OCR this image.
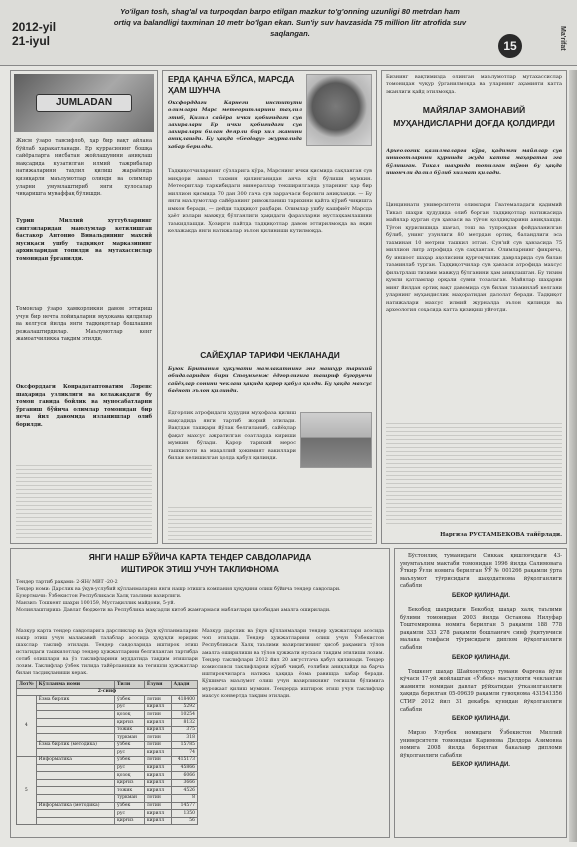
2012-yil
21-iyul
Yo'ilgan tosh, shag'al va turpoqdan barpo etilgan mazkur to'g'onning uzunligi 80 metrdan ham ortiq va balandligi taxminan 10 metr bo'lgan ekan. Sun'iy suv havzasida 75 million litr atrofida suv saqlangan.
15	Ma'rifat
JUMLADAN
Жисм ўзаро тавсифлоб, ҳар бир вақт айлана бўйлаб ҳаракатланади. Ер куррасининг бошқа сайёраларга нисбатан жойлашувини аниқлаш мақсадида кузатилган илмий тажрибалар натижаларини таҳлил қилиш жараёнида қизиқарли маълумотлар олинди ва олимлар уларни умумлаштириб янги хулосалар чиқаришга муваффақ бўлишди.
Турин Миллий хуттубларнинг синтзиларидан маюлумлар кетилишган бастакор Антонио Вивальдининг махсий мусиқаси ушбу тадқиқот марказининг архивларидан топилди ва мутахассислар томонидан ўрганилди.
Томонлар ўзаро ҳамкорликни давом эттириш учун бир нечта лойиҳаларни муҳокама қилдилар ва келгуси йилда янги тадқиқотлар бошлашни режалаштирдилар. Маълумотлар кенг жамоатчиликка тақдим этилди.
Оксфорддаги Конрадатаптоватим Лоренс шаҳарида узликлиги ва келажакдаги бу томон гавида бойлик ва муносабатларни ўрганиш бўйича олимлар томонидан бир неча йил давомида изланишлар олиб борилди.
ЕРДА ҚАНЧА БЎЛСА, МАРСДА ҲАМ ШУНЧА
Оксфорддаги Карнеги институти олимлари Марс метеоритларини таҳлил этиб, Қизил сайёра ички қобиғидаги сув захиралари Ер ички қобиғидаги сув захиралари билан деярли бир хил эканини аниқлашди. Бу ҳақда «Geology» журналида хабар берилди.
Тадқиқотчиларнинг сўзларига кўра, Марснинг ички қисмида сақланган сув миқдори аввал тахмин қилинганидан анча кўп бўлиши мумкин. Метеоритлар таркибидаги минераллар текширилганда уларнинг ҳар бир миллион қисмида 70 дан 300 гача сув заррачаси борлиги аниқланди. — Бу янги маълумотлар сайёранинг ривожланиш тарихини қайта кўриб чиқишга имкон беради, — дейди тадқиқот раҳбари. Олимлар ушбу кашфиёт Марсда ҳаёт излари мавжуд бўлганлиги ҳақидаги фаразларни мустаҳкамлашини таъкидлашди. Ҳозирги пайтда тадқиқотлар давом эттирилмоқда ва яқин келажакда янги натижалар эълон қилиниши кутилмоқда.
САЙЁҲЛАР ТАРИФИ ЧЕКЛАНАДИ
Буюк Британия ҳукумати мамлакатнинг энг машҳур тарихий обидаларидан бири Стоунхенж ёдгорлигига ташриф буюрувчи сайёҳлар сонини чеклаш ҳақида қарор қабул қилди. Бу ҳақда махсус баёнот эълон қилинди.
Ёдгорлик атрофидаги ҳудудни муҳофаза қилиш мақсадида янги тартиб жорий этилади. Вақтдан ташқари йўлак белгиланиб, сайёҳлар фақат махсус ажратилган соатларда кириши мумкин бўлади. Қарор тарихий мерос ташкилоти ва маҳаллий ҳокимият вакиллари билан келишилган ҳолда қабул қилинди.
Бизнинг вақтимизда олинган маълумотлар мутахассислар томонидан чуқур ўрганилмоқда ва уларнинг аҳамияти катта эканлиги қайд этилмоқда.
МАЙЯЛАР ЗАМОНАВИЙ МУҲАНДИСЛАРНИ ДОҒДА ҚОЛДИРДИ
Археологик қазилмаларга кўра, қадимги майялар сув иншоотларини қуришда жуда катта маҳоратга эга бўлишган. Тикал шаҳрида топилган тўғон бу ҳақда ишончли далил бўлиб хизмат қилади.
Цинциннати университети олимлари Гватемаладаги қадимий Тикал шаҳри ҳудудида олиб борган тадқиқотлар натижасида майялар қурган сув ҳавзаси ва тўғон қолдиқларини аниқлашди. Тўғон қурилишида шағал, тош ва тупроқдан фойдаланилган бўлиб, унинг узунлиги 80 метрдан ортиқ, баландлиги эса тахминан 10 метрни ташкил этган. Сун'ий сув ҳавзасида 75 миллион литр атрофида сув сақланган. Олимларнинг фикрича, бу иншоот шаҳар аҳолисини қурғоқчилик даврларида сув билан таъминлаб турган. Тадқиқотчилар сув ҳавзаси атрофида махсус фильтрлаш тизими мавжуд бўлганини ҳам аниқлашган. Бу тизим қумли қатламлар орқали сувни тозалаган. Майялар шаҳарни минг йилдан ортиқ вақт давомида сув билан таъминлаб келгани уларнинг муҳандислик маҳоратидан далолат беради. Тадқиқот натижалари махсус илмий журналда эълон қилинди ва археология соҳасида катта қизиқиш уйғотди.
Наргиза РУСТАМБЕКОВА тайёрлади.
ЯНГИ НАШР БЎЙИЧА КАРТА ТЕНДЕР САВДОЛАРИДА
ИШТИРОК ЭТИШ УЧУН ТАКЛИФНОМА
Тендер тартиб рақами: 2-ЯН/ МВТ -20-2
Тендер номи: Дарслик ва ўқув-услубий қўлланмаларни янги нашр этишга компания ҳуқуқини олиш бўйича тендер савдолари.
Буюртмачи: Ўзбекистон Республикаси Халқ таълими вазирлиги.
Манзил: Тошкент шаҳри 100159, Мустақиллик майдони, 5-уй.
Молиялаштириш: Давлат бюджети ва Республика мақсадли китоб жамғармаси маблағлари ҳисобидан амалга оширилади.
Мазкур карта тендер савдоларига дарсликлар ва ўқув қўлланмаларни нашр этиш учун малакавий талаблар асосида ҳуқуқли юридик шахслар таклиф этилади. Тендер савдоларида иштирок этиш истагидаги ташкилотлар тендер ҳужжатларини белгиланган тартибда сотиб олишлари ва ўз таклифларини муддатида тақдим этишлари лозим. Таклифлар ўзбек тилида тайёрланиши ва тегишли ҳужжатлар билан тасдиқланиши керак.
Лот№	Кўлланма номи	Тили	Ёзуви	Адади
2-синф				
4	Ёзма бирлик	ўзбек	лотин	418400
		рус	кирилл	5292
		қозоқ	лотин	10254
		қирғиз	кирилл	8132
		тожик	кирилл	375
		туркман	лотин	318
	Ёзма бирлик (методика)	ўзбек	лотин	15785
		рус	кирилл	74
5	Информатика	ўзбек	лотин	415173
		рус	кирилл	45866
		қозоқ	кирилл	6066
		қирғиз	кирилл	3666
		тожик	кирилл	4526
		туркман	лотин	8
	Информатика (методика)	ўзбек	лотин	14577
		рус	кирилл	1350
		қирғиз	кирилл	56
Мазкур дарслик ва ўқув қўлланмалари тендер ҳужжатлари асосида чоп этилади. Тендер ҳужжатларини олиш учун Ўзбекистон Республикаси Халқ таълими вазирлигининг ҳисоб рақамига тўлов амалга оширилиши ва тўлов ҳужжати нусхаси тақдим этилиши лозим. Тендер таклифлари 2012 йил 20 августгача қабул қилинади. Тендер комиссияси таклифларни кўриб чиқиб, ғолибни аниқлайди ва барча иштирокчиларга натижа ҳақида ёзма равишда хабар беради. Қўшимча маълумот олиш учун вазирликнинг тегишли бўлимига мурожаат қилиш мумкин. Тендерда иштирок этиш учун таклифлар махсус конвертда тақдим этилади.
Бўстонлиқ туманидаги Сиккак қишлоғидаги 43-умумтаълим мактаби томонидан 1996 йилда Салимовага Ўткир Ўғли номига берилган ЎЎ № 001266 рақамли ўрта маълумот тўғрисидаги шаҳодатнома йўқолганлиги сабабли
БЕКОР ҚИЛИНАДИ.
Бекобод шаҳридаги Бекобод шаҳар халқ таълими бўлими томонидан 2003 йилда Останова Нилуфар Тоштемировна номига берилган 5 рақамли 188 778 рақамли 333 278 рақамли бошланғич синф ўқитувчиси малака тоифаси тўғрисидаги диплом йўқолганлиги сабабли
БЕКОР ҚИЛИНАДИ.
Тошкент шаҳар Шайхонтоҳур тумани Фарғона йўли кўчаси 17-уй жойлашган «Ўзбек» масъулияти чекланган жамияти номидан давлат рўйхатидан ўтказилганлиги ҳақида берилган 05-09639 рақамли гувоҳнома 431541356 СТИР 2012 йил 31 декабрь кунидан йўқолганлиги сабабли
БЕКОР ҚИЛИНАДИ.
Мирзо Улуғбек номидаги Ўзбекистон Миллий университети томонидан Каримова Дилдора Азимовна номига 2008 йилда берилган бакалавр дипломи йўқолганлиги сабабли
БЕКОР ҚИЛИНАДИ.
